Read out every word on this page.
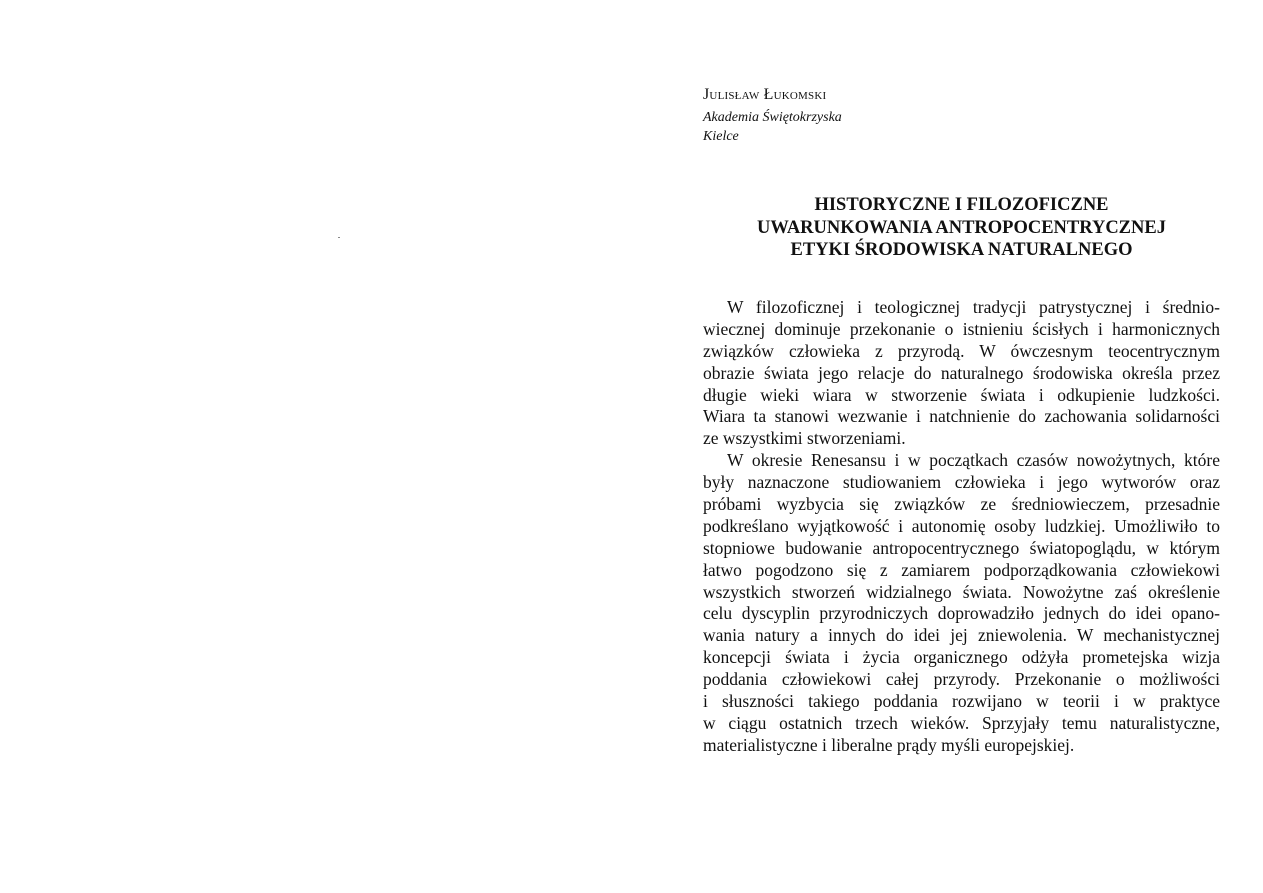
Julisław Łukomski
Akademia Świętokrzyska
Kielce
HISTORYCZNE I FILOZOFICZNE
UWARUNKOWANIA ANTROPOCENTRYCZNEJ
ETYKI ŚRODOWISKA NATURALNEGO
W filozoficznej i teologicznej tradycji patrystycznej i średnio-
wiecznej dominuje przekonanie o istnieniu ścisłych i harmonicznych
związków człowieka z przyrodą. W ówczesnym teocentrycznym
obrazie świata jego relacje do naturalnego środowiska określa przez
długie wieki wiara w stworzenie świata i odkupienie ludzkości.
Wiara ta stanowi wezwanie i natchnienie do zachowania solidarności
ze wszystkimi stworzeniami.
W okresie Renesansu i w początkach czasów nowożytnych, które
były naznaczone studiowaniem człowieka i jego wytworów oraz
próbami wyzbycia się związków ze średniowieczem, przesadnie
podkreślano wyjątkowość i autonomię osoby ludzkiej. Umożliwiło to
stopniowe budowanie antropocentrycznego światopoglądu, w którym
łatwo pogodzono się z zamiarem podporządkowania człowiekowi
wszystkich stworzeń widzialnego świata. Nowożytne zaś określenie
celu dyscyplin przyrodniczych doprowadziło jednych do idei opano-
wania natury a innych do idei jej zniewolenia. W mechanistycznej
koncepcji świata i życia organicznego odżyła prometejska wizja
poddania człowiekowi całej przyrody. Przekonanie o możliwości
i słuszności takiego poddania rozwijano w teorii i w praktyce
w ciągu ostatnich trzech wieków. Sprzyjały temu naturalistyczne,
materialistyczne i liberalne prądy myśli europejskiej.
